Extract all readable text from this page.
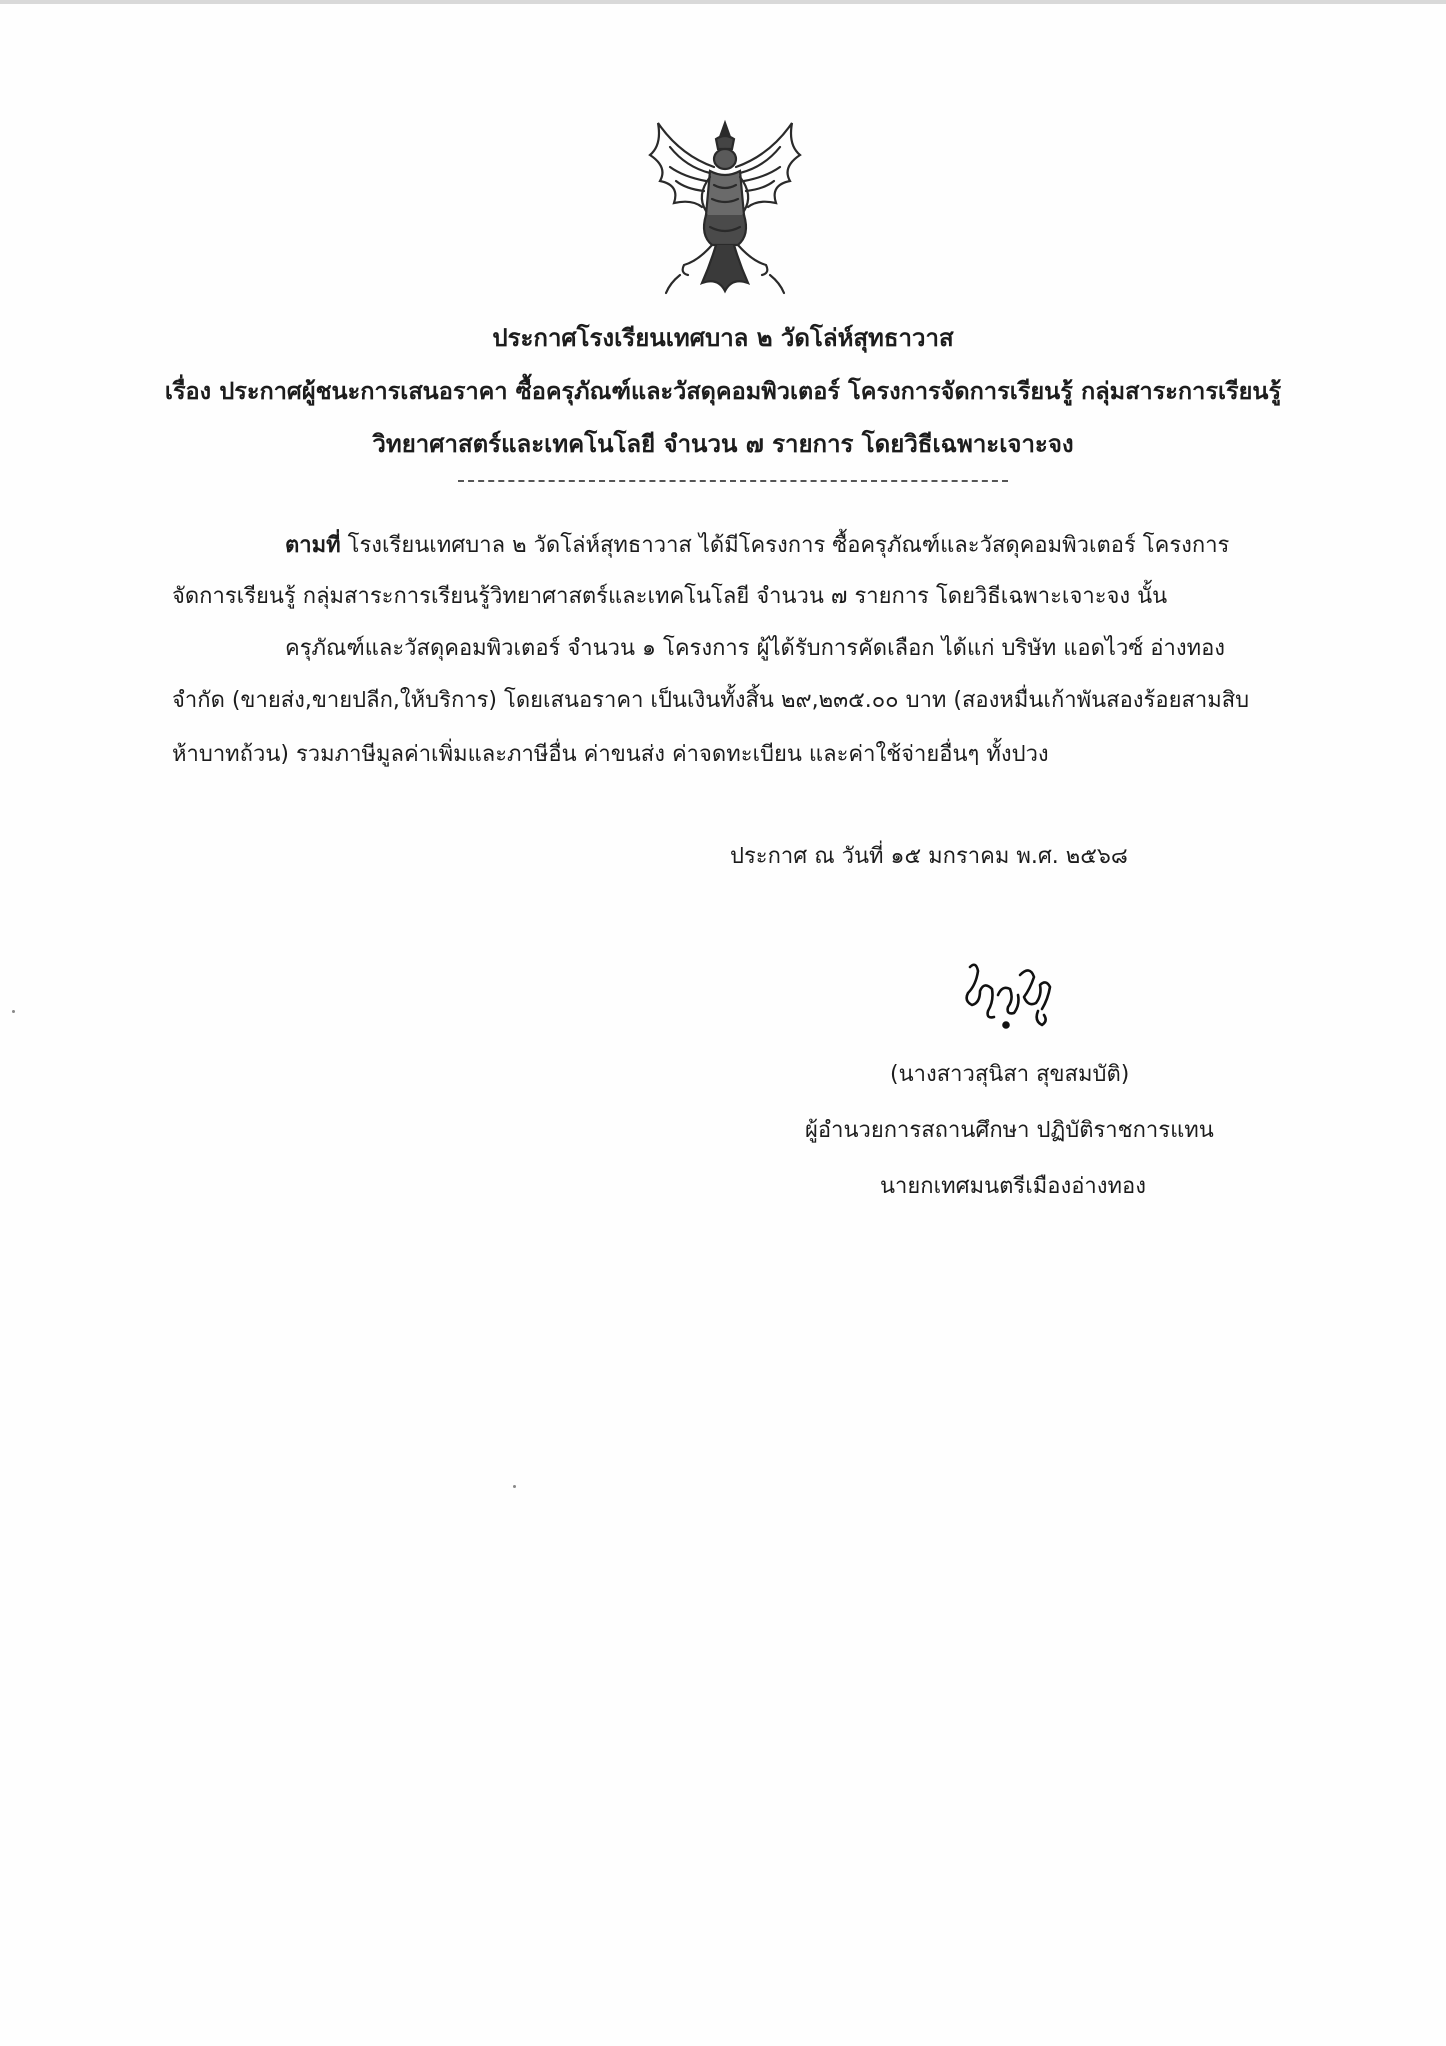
ประกาศโรงเรียนเทศบาล ๒ วัดโล่ห์สุทธาวาส
เรื่อง ประกาศผู้ชนะการเสนอราคา ซื้อครุภัณฑ์และวัสดุคอมพิวเตอร์ โครงการจัดการเรียนรู้ กลุ่มสาระการเรียนรู้
วิทยาศาสตร์และเทคโนโลยี จำนวน ๗ รายการ โดยวิธีเฉพาะเจาะจง
ตามที่ โรงเรียนเทศบาล ๒ วัดโล่ห์สุทธาวาส ได้มีโครงการ ซื้อครุภัณฑ์และวัสดุคอมพิวเตอร์ โครงการ
จัดการเรียนรู้ กลุ่มสาระการเรียนรู้วิทยาศาสตร์และเทคโนโลยี จำนวน ๗ รายการ โดยวิธีเฉพาะเจาะจง นั้น
ครุภัณฑ์และวัสดุคอมพิวเตอร์ จำนวน ๑ โครงการ ผู้ได้รับการคัดเลือก ได้แก่ บริษัท แอดไวซ์ อ่างทอง
จำกัด (ขายส่ง,ขายปลีก,ให้บริการ) โดยเสนอราคา เป็นเงินทั้งสิ้น ๒๙,๒๓๕.๐๐ บาท (สองหมื่นเก้าพันสองร้อยสามสิบ
ห้าบาทถ้วน) รวมภาษีมูลค่าเพิ่มและภาษีอื่น ค่าขนส่ง ค่าจดทะเบียน และค่าใช้จ่ายอื่นๆ ทั้งปวง
ประกาศ ณ วันที่ ๑๕ มกราคม พ.ศ. ๒๕๖๘
(นางสาวสุนิสา สุขสมบัติ)
ผู้อำนวยการสถานศึกษา ปฏิบัติราชการแทน
นายกเทศมนตรีเมืองอ่างทอง
